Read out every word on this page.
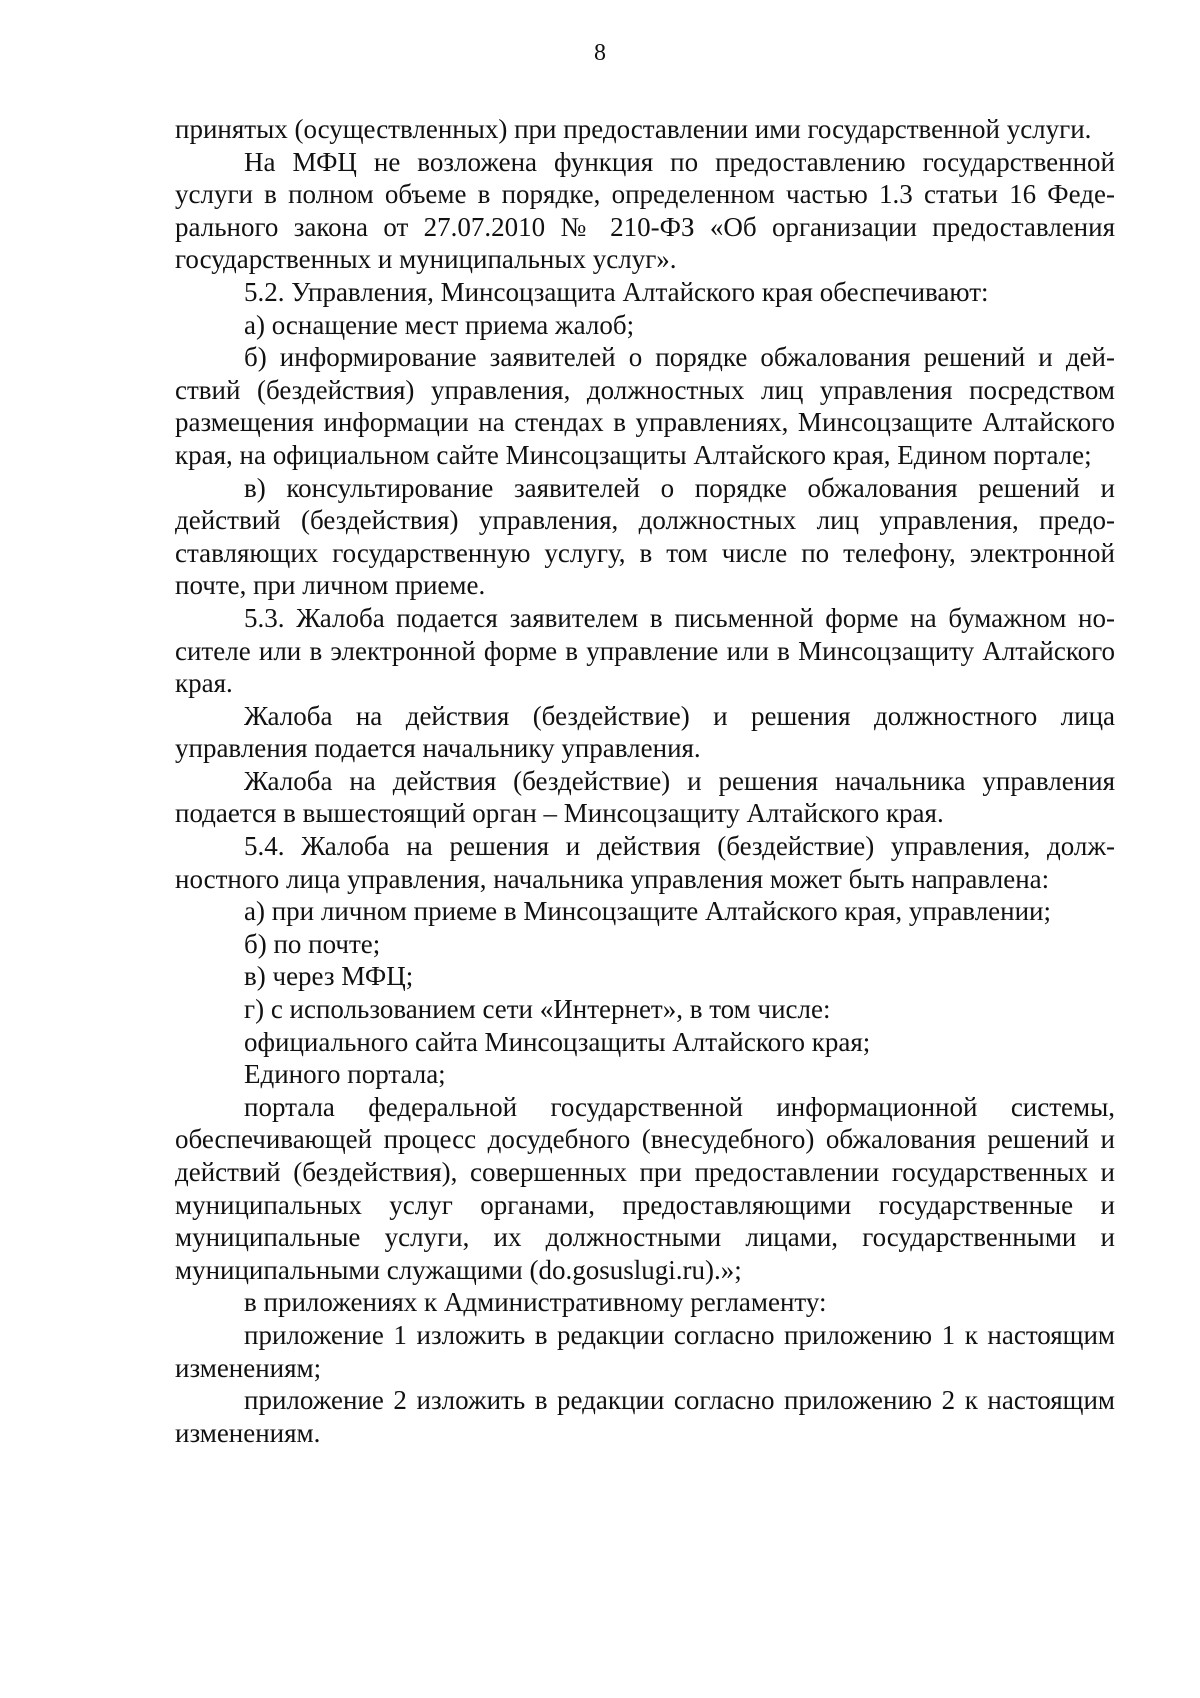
8

принятых (осуществленных) при предоставлении ими государственной услуги.

На МФЦ не возложена функция по предоставлению государственной услуги в полном объеме в порядке, определенном частью 1.3 статьи 16 Федерального закона от 27.07.2010 № 210-ФЗ «Об организации предоставления государственных и муниципальных услуг».

5.2. Управления, Минсоцзащита Алтайского края обеспечивают:

а) оснащение мест приема жалоб;

б) информирование заявителей о порядке обжалования решений и действий (бездействия) управления, должностных лиц управления посредством размещения информации на стендах в управлениях, Минсоцзащите Алтайского края, на официальном сайте Минсоцзащиты Алтайского края, Едином портале;

в) консультирование заявителей о порядке обжалования решений и действий (бездействия) управления, должностных лиц управления, предоставляющих государственную услугу, в том числе по телефону, электронной почте, при личном приеме.

5.3. Жалоба подается заявителем в письменной форме на бумажном носителе или в электронной форме в управление или в Минсоцзащиту Алтайского края.

Жалоба на действия (бездействие) и решения должностного лица управления подается начальнику управления.

Жалоба на действия (бездействие) и решения начальника управления подается в вышестоящий орган – Минсоцзащиту Алтайского края.

5.4. Жалоба на решения и действия (бездействие) управления, должностного лица управления, начальника управления может быть направлена:

а) при личном приеме в Минсоцзащите Алтайского края, управлении;

б) по почте;

в) через МФЦ;

г) с использованием сети «Интернет», в том числе:

официального сайта Минсоцзащиты Алтайского края;

Единого портала;

портала федеральной государственной информационной системы, обеспечивающей процесс досудебного (внесудебного) обжалования решений и действий (бездействия), совершенных при предоставлении государственных и муниципальных услуг органами, предоставляющими государственные и муниципальные услуги, их должностными лицами, государственными и муниципальными служащими (do.gosuslugi.ru).»;

в приложениях к Административному регламенту:

приложение 1 изложить в редакции согласно приложению 1 к настоящим изменениям;

приложение 2 изложить в редакции согласно приложению 2 к настоящим изменениям.
